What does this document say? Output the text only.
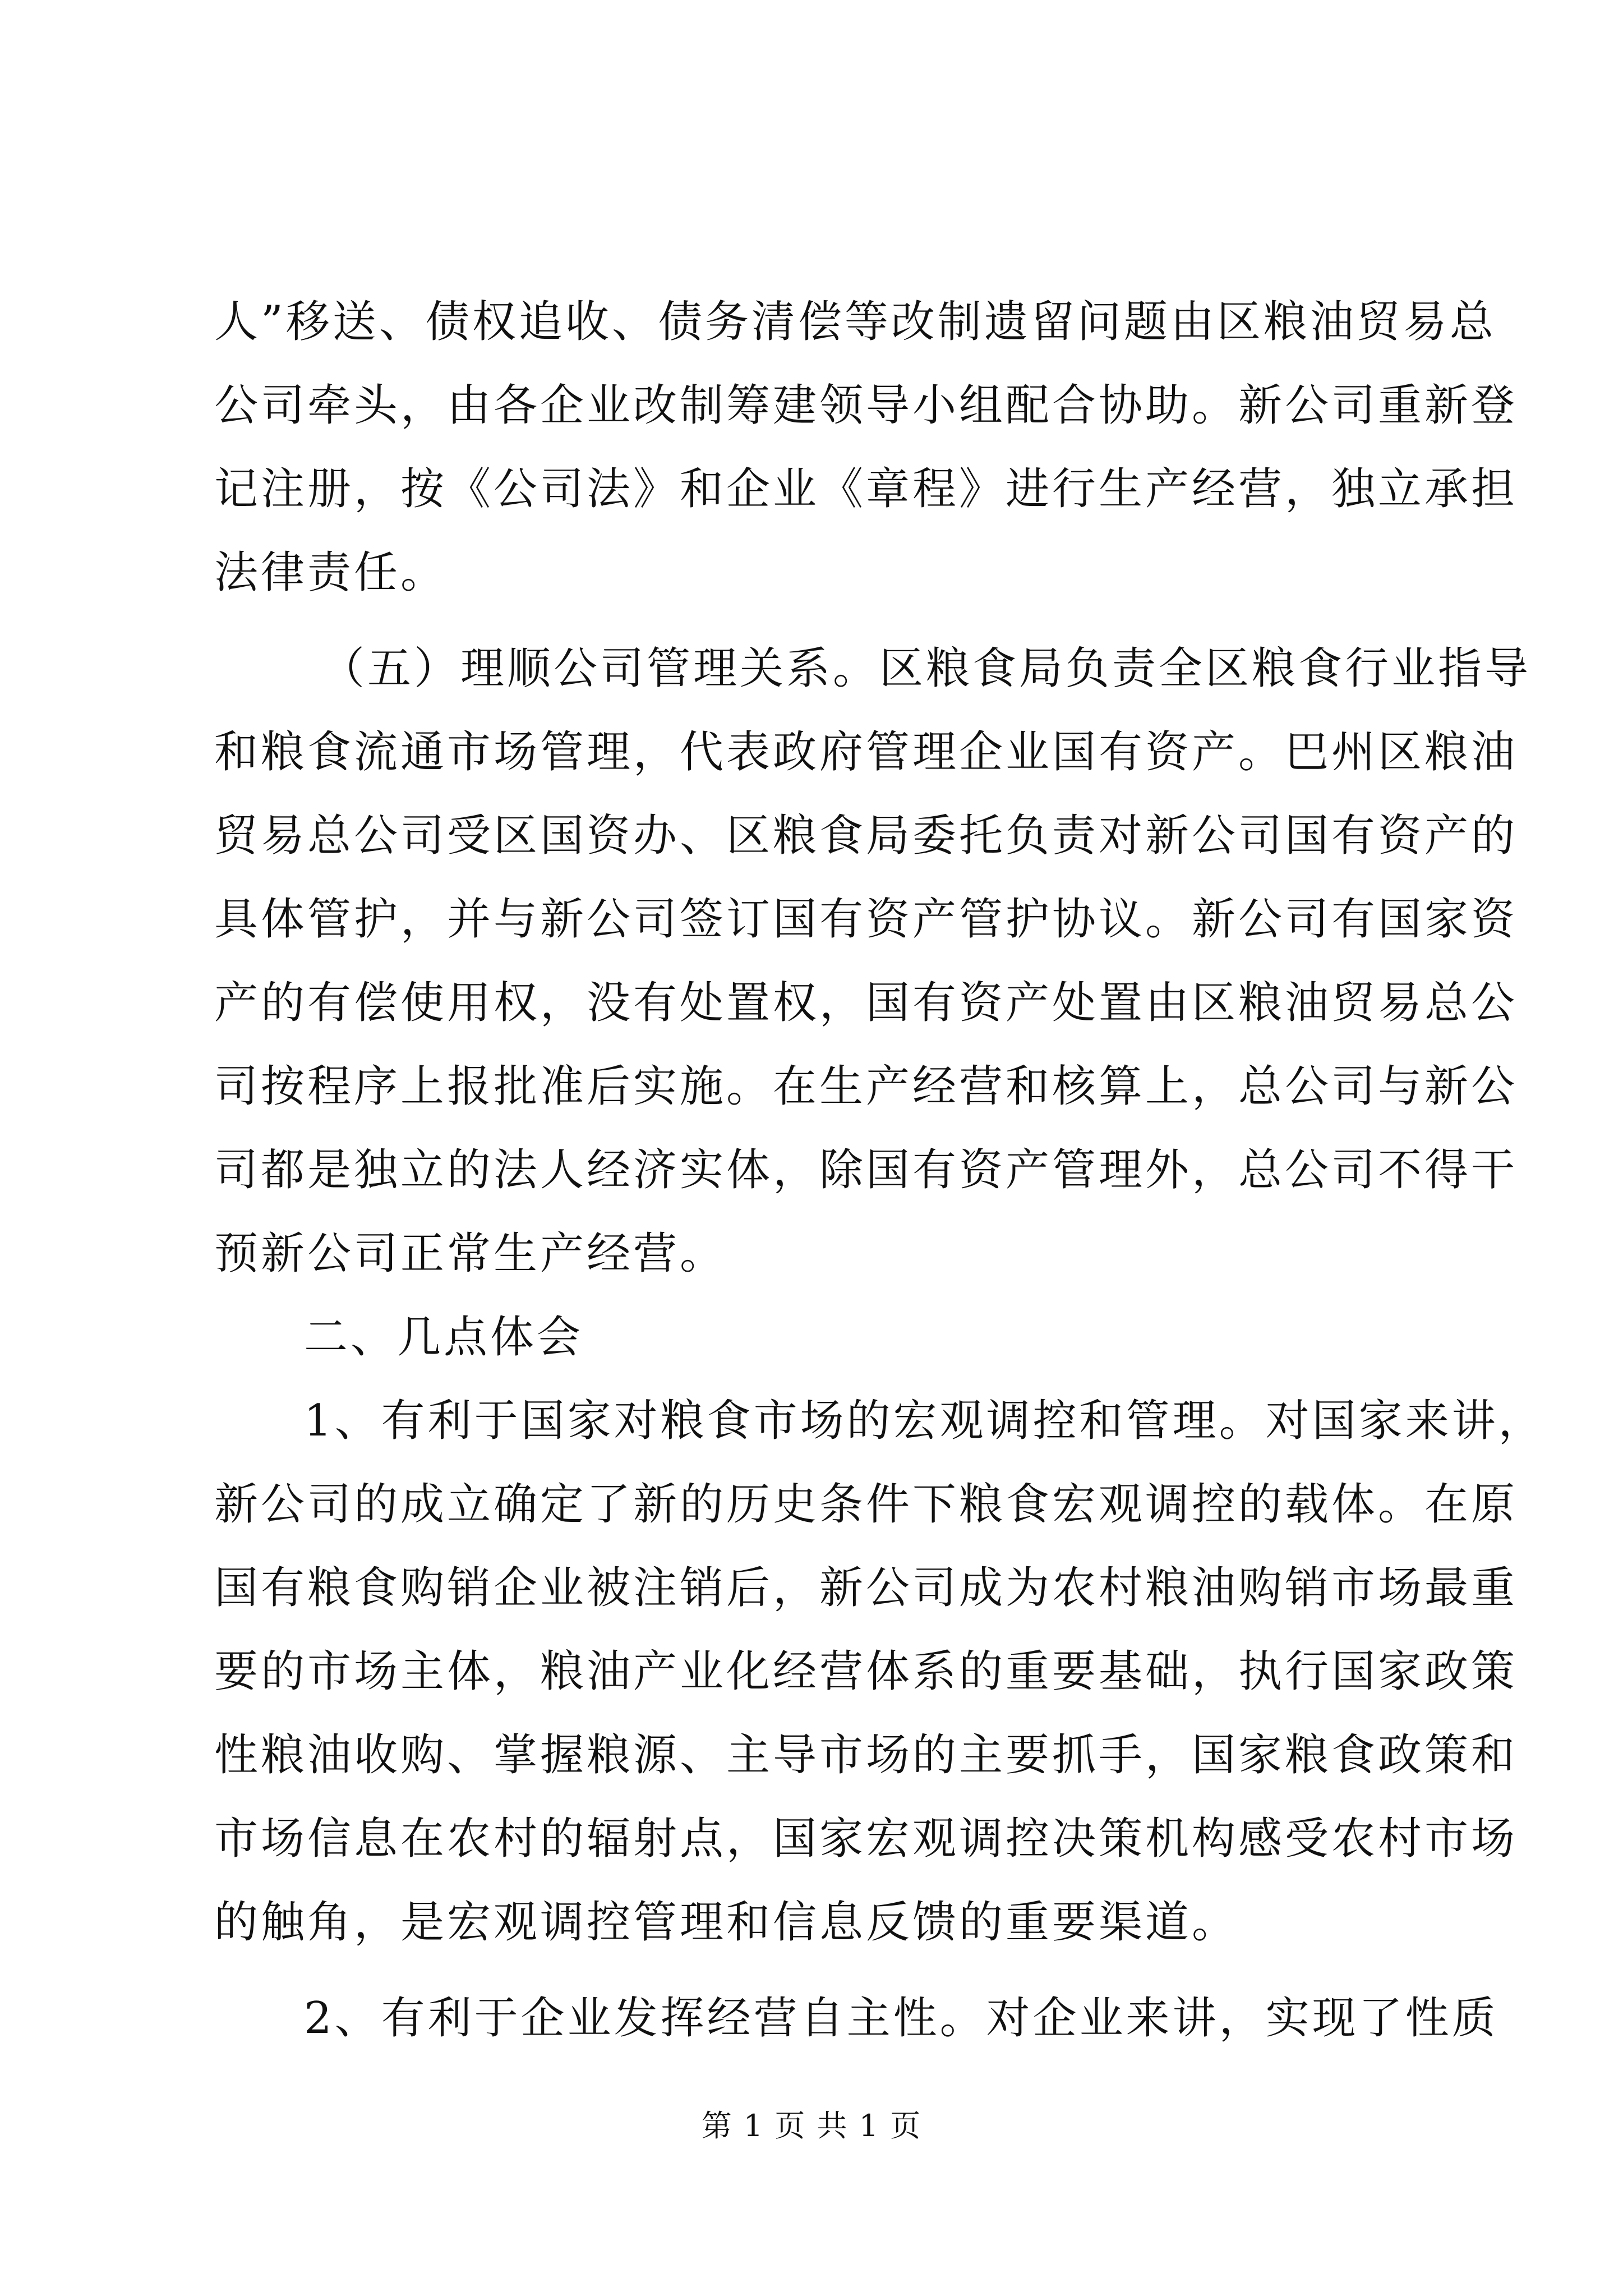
人”移送、债权追收、债务清偿等改制遗留问题由区粮油贸易总
公司牵头，由各企业改制筹建领导小组配合协助。新公司重新登
记注册，按《公司法》和企业《章程》进行生产经营，独立承担
法律责任。
（五）理顺公司管理关系。区粮食局负责全区粮食行业指导
和粮食流通市场管理，代表政府管理企业国有资产。巴州区粮油
贸易总公司受区国资办、区粮食局委托负责对新公司国有资产的
具体管护，并与新公司签订国有资产管护协议。新公司有国家资
产的有偿使用权，没有处置权，国有资产处置由区粮油贸易总公
司按程序上报批准后实施。在生产经营和核算上，总公司与新公
司都是独立的法人经济实体，除国有资产管理外，总公司不得干
预新公司正常生产经营。
二、几点体会
1、有利于国家对粮食市场的宏观调控和管理。对国家来讲，
新公司的成立确定了新的历史条件下粮食宏观调控的载体。在原
国有粮食购销企业被注销后，新公司成为农村粮油购销市场最重
要的市场主体，粮油产业化经营体系的重要基础，执行国家政策
性粮油收购、掌握粮源、主导市场的主要抓手，国家粮食政策和
市场信息在农村的辐射点，国家宏观调控决策机构感受农村市场
的触角，是宏观调控管理和信息反馈的重要渠道。
2、有利于企业发挥经营自主性。对企业来讲，实现了性质
第 1 页 共 1 页
